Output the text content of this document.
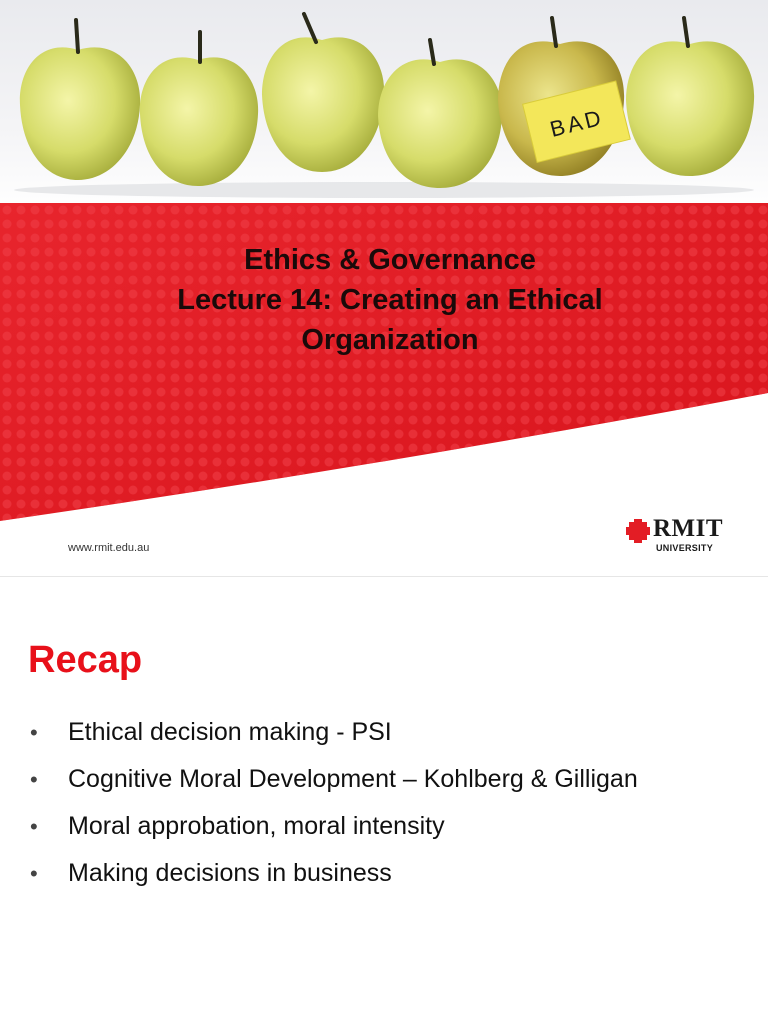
BAD
Ethics & Governance
Lecture 14: Creating an Ethical
Organization
www.rmit.edu.au
RMIT
UNIVERSITY
Recap
• Ethical decision making - PSI
• Cognitive Moral Development – Kohlberg & Gilligan
• Moral approbation, moral intensity
• Making decisions in business
